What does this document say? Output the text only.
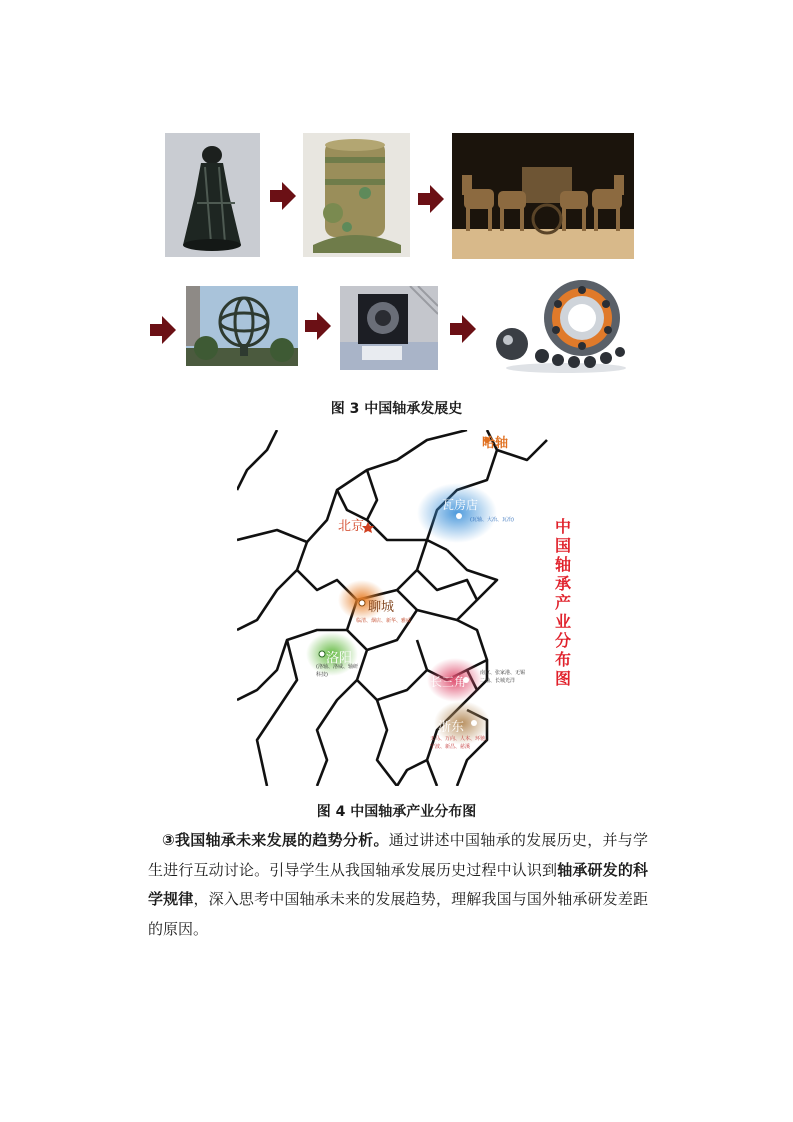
图 3 中国轴承发展史
哈轴
瓦房店
(瓦轴、大冶、瓦冶)
北京
聊城
临清、烟店、新华、雅威
洛阳
(洛轴、洛威、轴研科技)	长三角
南京、张家港、无锡二轴、长城光洋
浙东
天马、万向、人本、环驰、宁波、新昌、慈溪
中国轴承产业分布图
图 4 中国轴承产业分布图
③我国轴承未来发展的趋势分析。通过讲述中国轴承的发展历史，并与学生进行互动讨论。引导学生从我国轴承发展历史过程中认识到轴承研发的科学规律，深入思考中国轴承未来的发展趋势，理解我国与国外轴承研发差距的原因。
